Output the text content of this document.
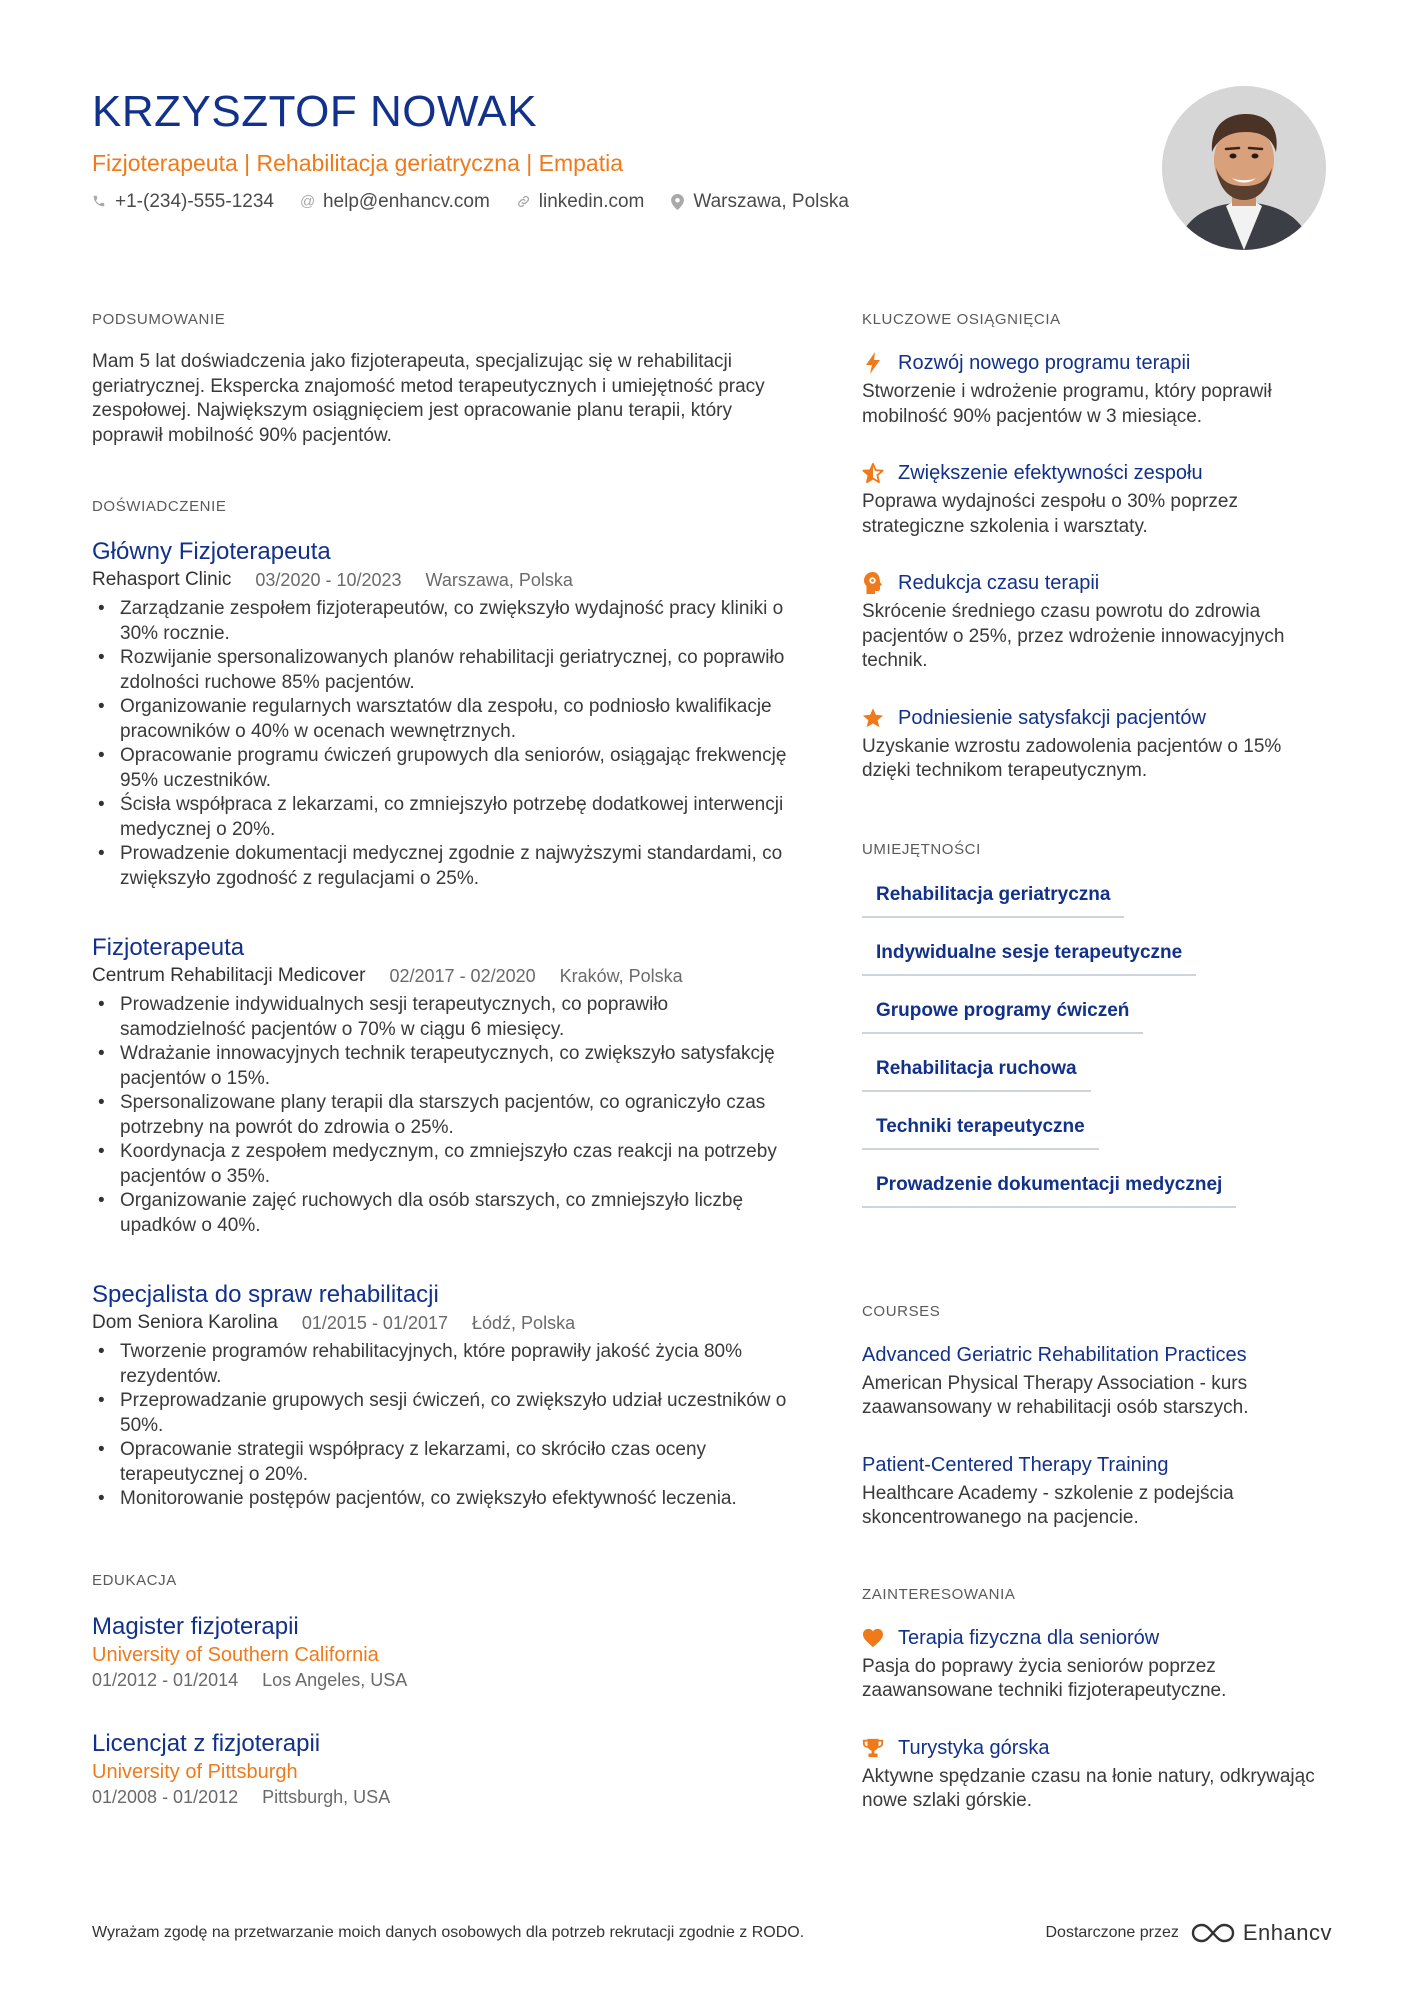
KRZYSZTOF NOWAK
Fizjoterapeuta | Rehabilitacja geriatryczna | Empatia
+1-(234)-555-1234 @ help@enhancv.com	linkedin.com	Warszawa, Polska
PODSUMOWANIE
Mam 5 lat doświadczenia jako fizjoterapeuta, specjalizując się w rehabilitacji geriatrycznej. Ekspercka znajomość metod terapeutycznych i umiejętność pracy zespołowej. Największym osiągnięciem jest opracowanie planu terapii, który poprawił mobilność 90% pacjentów.
DOŚWIADCZENIE
Główny Fizjoterapeuta
Rehasport Clinic 03/2020 - 10/2023 Warszawa, Polska
• Zarządzanie zespołem fizjoterapeutów, co zwiększyło wydajność pracy kliniki o 30% rocznie.
• Rozwijanie spersonalizowanych planów rehabilitacji geriatrycznej, co poprawiło zdolności ruchowe 85% pacjentów.
• Organizowanie regularnych warsztatów dla zespołu, co podniosło kwalifikacje pracowników o 40% w ocenach wewnętrznych.
• Opracowanie programu ćwiczeń grupowych dla seniorów, osiągając frekwencję 95% uczestników.
• Ścisła współpraca z lekarzami, co zmniejszyło potrzebę dodatkowej interwencji medycznej o 20%.
• Prowadzenie dokumentacji medycznej zgodnie z najwyższymi standardami, co zwiększyło zgodność z regulacjami o 25%.
Fizjoterapeuta
Centrum Rehabilitacji Medicover 02/2017 - 02/2020 Kraków, Polska
• Prowadzenie indywidualnych sesji terapeutycznych, co poprawiło samodzielność pacjentów o 70% w ciągu 6 miesięcy.
• Wdrażanie innowacyjnych technik terapeutycznych, co zwiększyło satysfakcję pacjentów o 15%.
• Spersonalizowane plany terapii dla starszych pacjentów, co ograniczyło czas potrzebny na powrót do zdrowia o 25%.
• Koordynacja z zespołem medycznym, co zmniejszyło czas reakcji na potrzeby pacjentów o 35%.
• Organizowanie zajęć ruchowych dla osób starszych, co zmniejszyło liczbę upadków o 40%.
Specjalista do spraw rehabilitacji
Dom Seniora Karolina 01/2015 - 01/2017 Łódź, Polska
• Tworzenie programów rehabilitacyjnych, które poprawiły jakość życia 80% rezydentów.
• Przeprowadzanie grupowych sesji ćwiczeń, co zwiększyło udział uczestników o 50%.
• Opracowanie strategii współpracy z lekarzami, co skróciło czas oceny terapeutycznej o 20%.
• Monitorowanie postępów pacjentów, co zwiększyło efektywność leczenia.
EDUKACJA
Magister fizjoterapii
University of Southern California
01/2012 - 01/2014 Los Angeles, USA
Licencjat z fizjoterapii
University of Pittsburgh
01/2008 - 01/2012 Pittsburgh, USA
KLUCZOWE OSIĄGNIĘCIA
Rozwój nowego programu terapii
Stworzenie i wdrożenie programu, który poprawił mobilność 90% pacjentów w 3 miesiące.
Zwiększenie efektywności zespołu
Poprawa wydajności zespołu o 30% poprzez strategiczne szkolenia i warsztaty.
Redukcja czasu terapii
Skrócenie średniego czasu powrotu do zdrowia pacjentów o 25%, przez wdrożenie innowacyjnych technik.
Podniesienie satysfakcji pacjentów
Uzyskanie wzrostu zadowolenia pacjentów o 15% dzięki technikom terapeutycznym.
UMIEJĘTNOŚCI
Rehabilitacja geriatryczna
Indywidualne sesje terapeutyczne
Grupowe programy ćwiczeń
Rehabilitacja ruchowa
Techniki terapeutyczne
Prowadzenie dokumentacji medycznej
COURSES
Advanced Geriatric Rehabilitation Practices
American Physical Therapy Association - kurs zaawansowany w rehabilitacji osób starszych.
Patient-Centered Therapy Training
Healthcare Academy - szkolenie z podejścia skoncentrowanego na pacjencie.
ZAINTERESOWANIA
Terapia fizyczna dla seniorów
Pasja do poprawy życia seniorów poprzez zaawansowane techniki fizjoterapeutyczne.
Turystyka górska
Aktywne spędzanie czasu na łonie natury, odkrywając nowe szlaki górskie.
Wyrażam zgodę na przetwarzanie moich danych osobowych dla potrzeb rekrutacji zgodnie z RODO.	Dostarczone przez	Enhancv
